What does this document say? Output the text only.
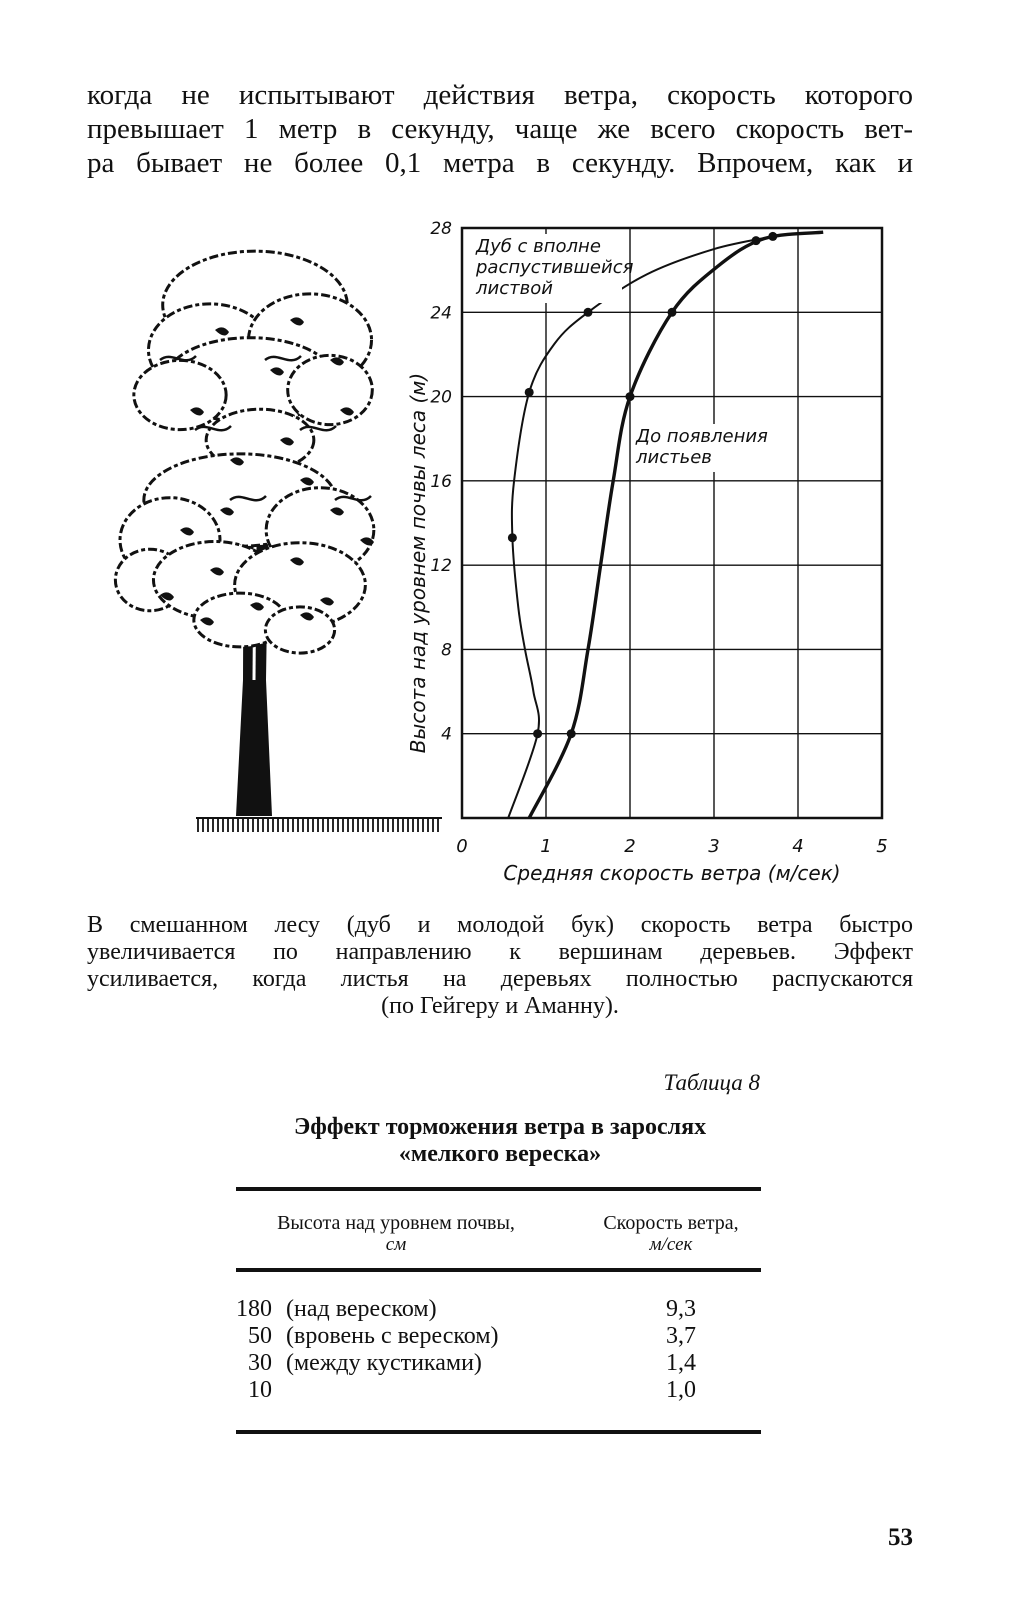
когда не испытывают действия ветра, скорость которого
превышает 1 метр в секунду, чаще же всего скорость вет-
ра бывает не более 0,1 метра в секунду. Впрочем, как и
0	1	2	3	4	5
4
8
12
16
20
24
28
Средняя скорость ветра (м/сек)
Высота над уровнем почвы леса (м)
Дуб с вполне
распустившейся
листвой
До появления
листьев
В смешанном лесу (дуб и молодой бук) скорость ветра быстро
увеличивается по направлению к вершинам деревьев. Эффект
усиливается, когда листья на деревьях полностью распускаются
(по Гейгеру и Аманну).
Таблица 8
Эффект торможения ветра в зарослях
«мелкого вереска»
Высота над уровнем почвы,
см
Скорость ветра,
м/сек
180 (над вереском)	9,3
50 (вровень с вереском)	3,7
30 (между кустиками)	1,4
10	1,0
53
